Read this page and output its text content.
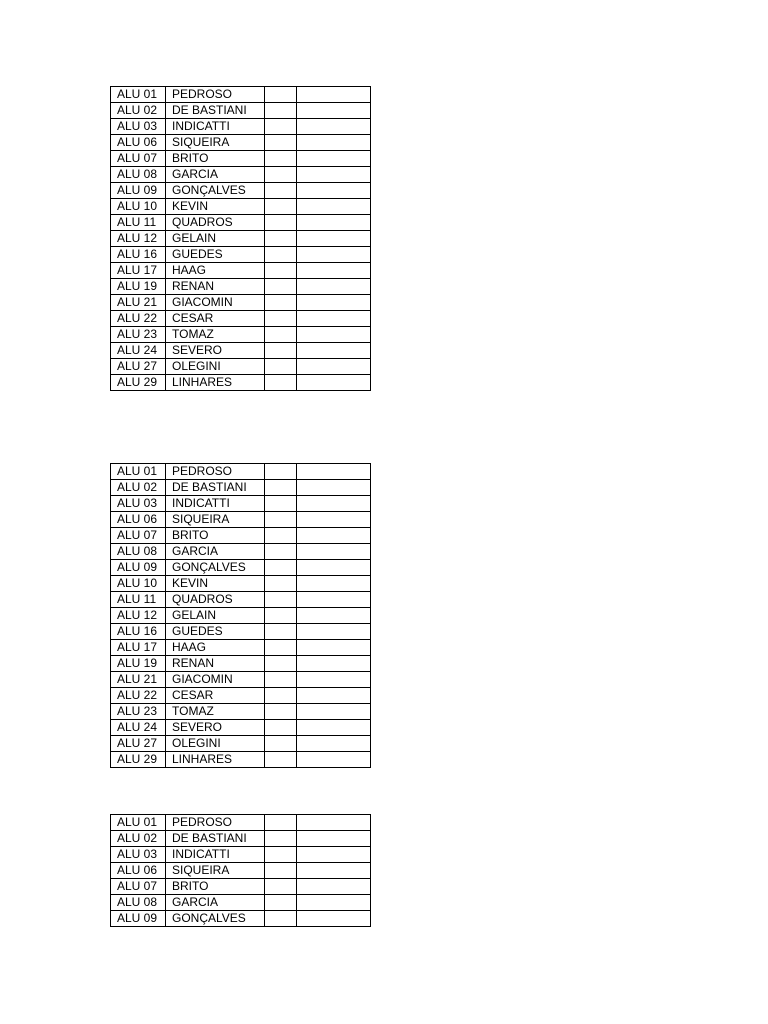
ALU 01	PEDROSO		
ALU 02	DE BASTIANI		
ALU 03	INDICATTI		
ALU 06	SIQUEIRA		
ALU 07	BRITO		
ALU 08	GARCIA		
ALU 09	GONÇALVES		
ALU 10	KEVIN		
ALU 11	QUADROS		
ALU 12	GELAIN		
ALU 16	GUEDES		
ALU 17	HAAG		
ALU 19	RENAN		
ALU 21	GIACOMIN		
ALU 22	CESAR		
ALU 23	TOMAZ		
ALU 24	SEVERO		
ALU 27	OLEGINI		
ALU 29	LINHARES		
ALU 01	PEDROSO		
ALU 02	DE BASTIANI		
ALU 03	INDICATTI		
ALU 06	SIQUEIRA		
ALU 07	BRITO		
ALU 08	GARCIA		
ALU 09	GONÇALVES		
ALU 10	KEVIN		
ALU 11	QUADROS		
ALU 12	GELAIN		
ALU 16	GUEDES		
ALU 17	HAAG		
ALU 19	RENAN		
ALU 21	GIACOMIN		
ALU 22	CESAR		
ALU 23	TOMAZ		
ALU 24	SEVERO		
ALU 27	OLEGINI		
ALU 29	LINHARES		
ALU 01	PEDROSO		
ALU 02	DE BASTIANI		
ALU 03	INDICATTI		
ALU 06	SIQUEIRA		
ALU 07	BRITO		
ALU 08	GARCIA		
ALU 09	GONÇALVES		
